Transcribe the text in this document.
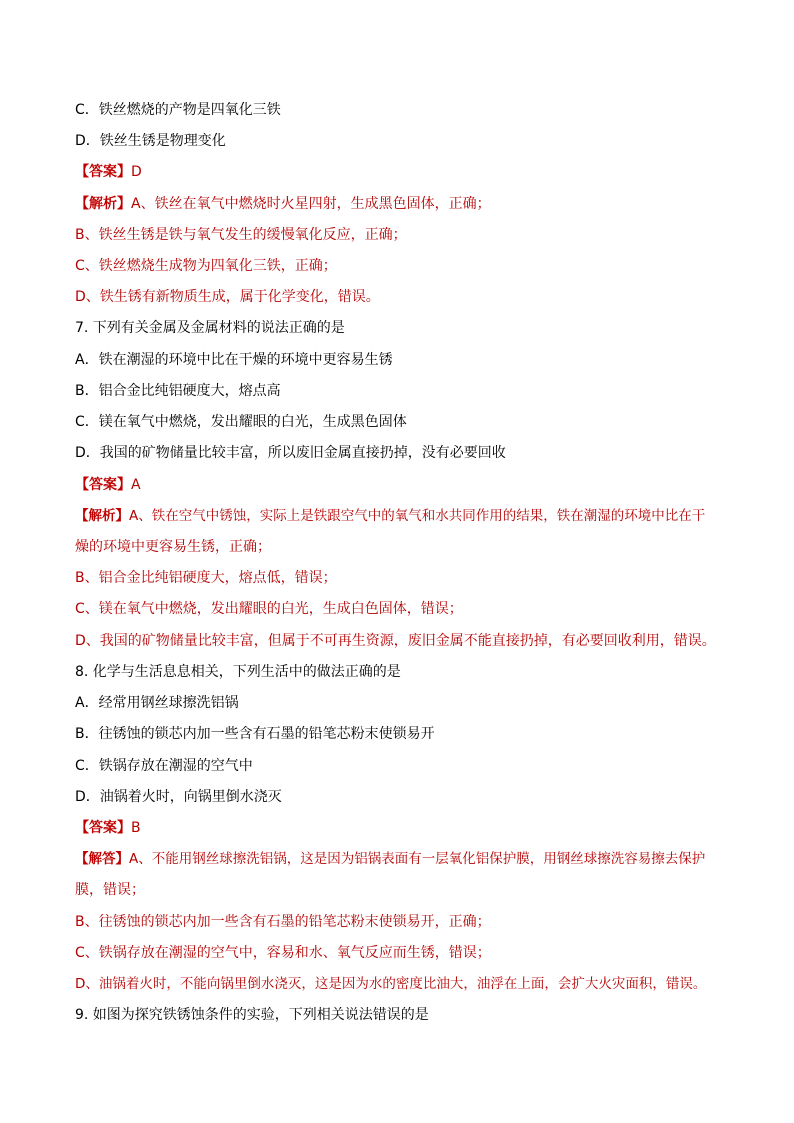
C．铁丝燃烧的产物是四氧化三铁
D．铁丝生锈是物理变化
【答案】D
【解析】A、铁丝在氧气中燃烧时火星四射，生成黑色固体，正确；
B、铁丝生锈是铁与氧气发生的缓慢氧化反应，正确；
C、铁丝燃烧生成物为四氧化三铁，正确；
D、铁生锈有新物质生成，属于化学变化，错误。
7. 下列有关金属及金属材料的说法正确的是
A．铁在潮湿的环境中比在干燥的环境中更容易生锈
B．铝合金比纯铝硬度大，熔点高
C．镁在氧气中燃烧，发出耀眼的白光，生成黑色固体
D．我国的矿物储量比较丰富，所以废旧金属直接扔掉，没有必要回收
【答案】A
【解析】A、铁在空气中锈蚀，实际上是铁跟空气中的氧气和水共同作用的结果，铁在潮湿的环境中比在干
燥的环境中更容易生锈，正确；
B、铝合金比纯铝硬度大，熔点低，错误；
C、镁在氧气中燃烧，发出耀眼的白光，生成白色固体，错误；
D、我国的矿物储量比较丰富，但属于不可再生资源，废旧金属不能直接扔掉，有必要回收利用，错误。
8. 化学与生活息息相关，下列生活中的做法正确的是
A．经常用钢丝球擦洗铝锅
B．往锈蚀的锁芯内加一些含有石墨的铅笔芯粉末使锁易开
C．铁锅存放在潮湿的空气中
D．油锅着火时，向锅里倒水浇灭
【答案】B
【解答】A、不能用钢丝球擦洗铝锅，这是因为铝锅表面有一层氧化铝保护膜，用钢丝球擦洗容易擦去保护
膜，错误；
B、往锈蚀的锁芯内加一些含有石墨的铅笔芯粉末使锁易开，正确；
C、铁锅存放在潮湿的空气中，容易和水、氧气反应而生锈，错误；
D、油锅着火时，不能向锅里倒水浇灭，这是因为水的密度比油大，油浮在上面，会扩大火灾面积，错误。
9. 如图为探究铁锈蚀条件的实验，下列相关说法错误的是
